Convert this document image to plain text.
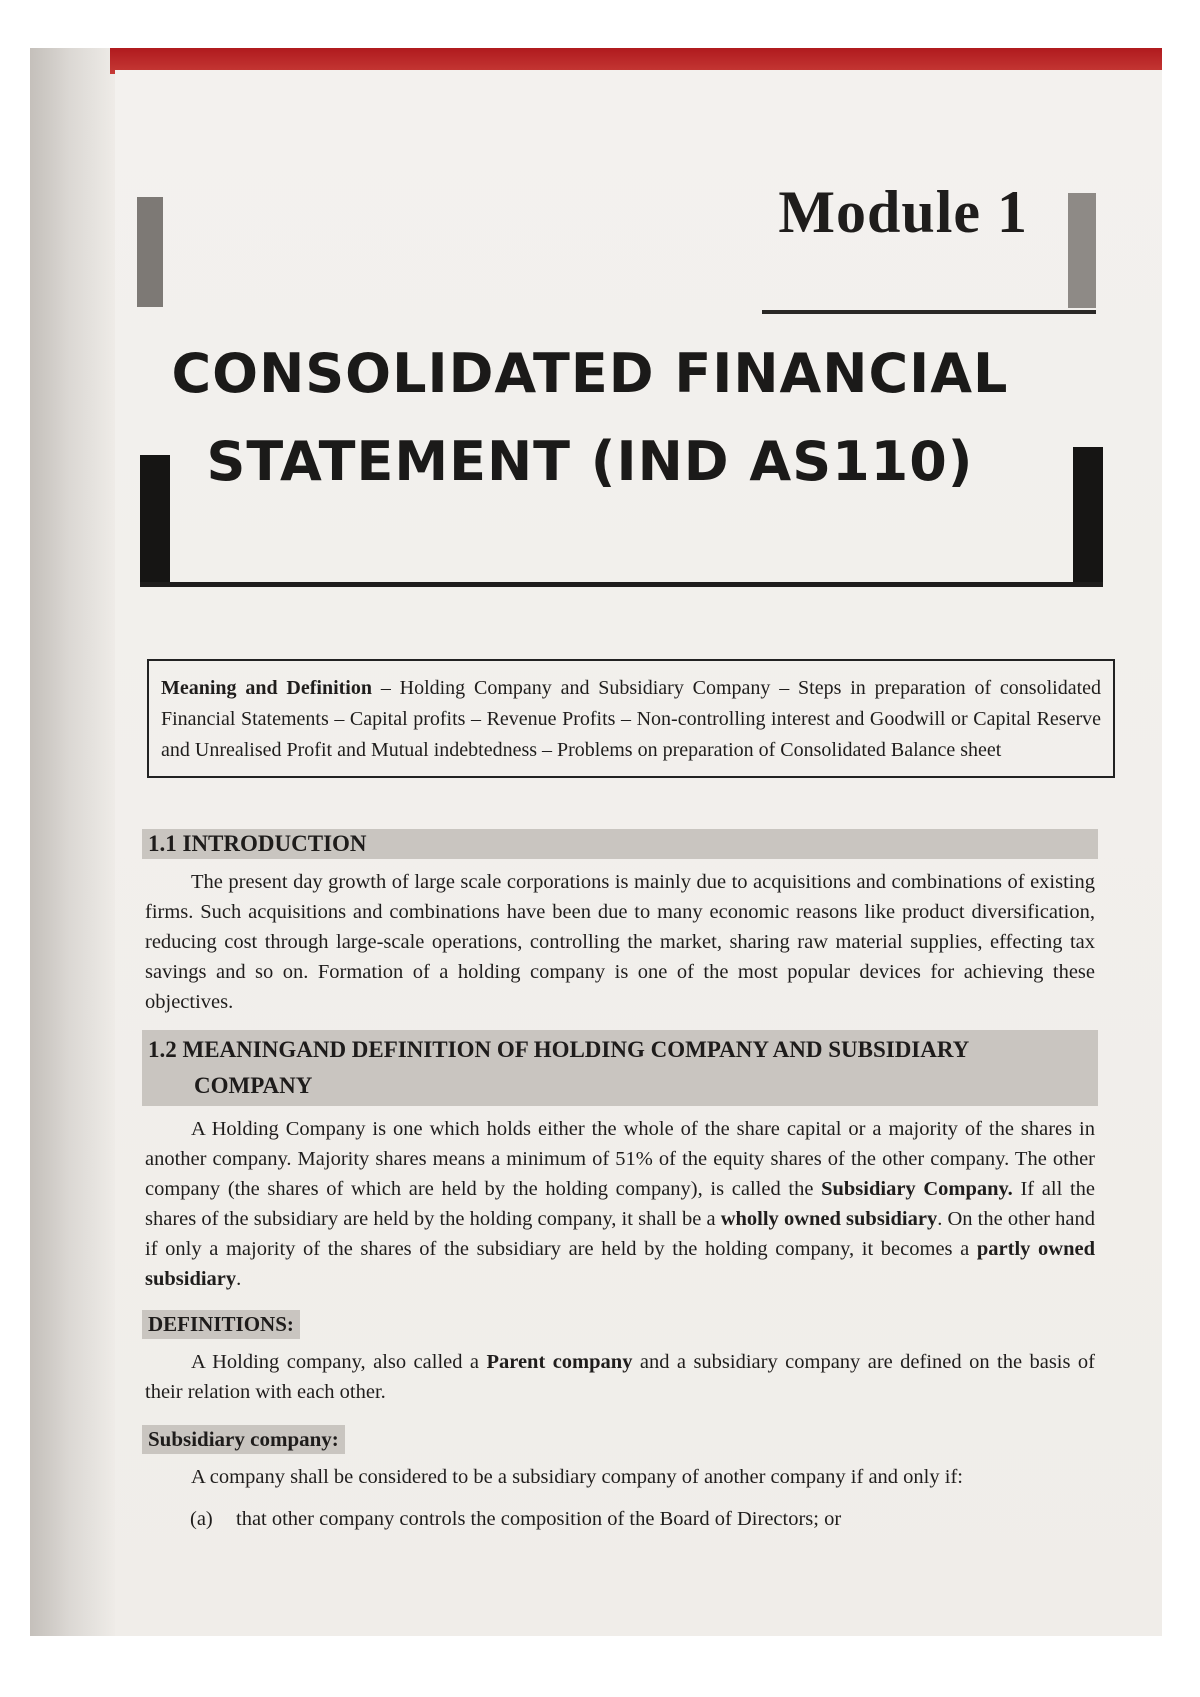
Module 1
CONSOLIDATED FINANCIAL
STATEMENT (IND AS110)
Meaning and Definition – Holding Company and Subsidiary Company – Steps in preparation of consolidated Financial Statements – Capital profits – Revenue Profits – Non-controlling interest and Goodwill or Capital Reserve and Unrealised Profit and Mutual indebtedness – Problems on preparation of Consolidated Balance sheet
1.1 INTRODUCTION
The present day growth of large scale corporations is mainly due to acquisitions and combinations of existing firms. Such acquisitions and combinations have been due to many economic reasons like product diversification, reducing cost through large-scale operations, controlling the market, sharing raw material supplies, effecting tax savings and so on. Formation of a holding company is one of the most popular devices for achieving these objectives.
1.2 MEANINGAND DEFINITION OF HOLDING COMPANY AND SUBSIDIARY
COMPANY
A Holding Company is one which holds either the whole of the share capital or a majority of the shares in another company. Majority shares means a minimum of 51% of the equity shares of the other company. The other company (the shares of which are held by the holding company), is called the Subsidiary Company. If all the shares of the subsidiary are held by the holding company, it shall be a wholly owned subsidiary. On the other hand if only a majority of the shares of the subsidiary are held by the holding company, it becomes a partly owned subsidiary.
DEFINITIONS:
A Holding company, also called a Parent company and a subsidiary company are defined on the basis of their relation with each other.
Subsidiary company:
A company shall be considered to be a subsidiary company of another company if and only if:
(a) that other company controls the composition of the Board of Directors; or
